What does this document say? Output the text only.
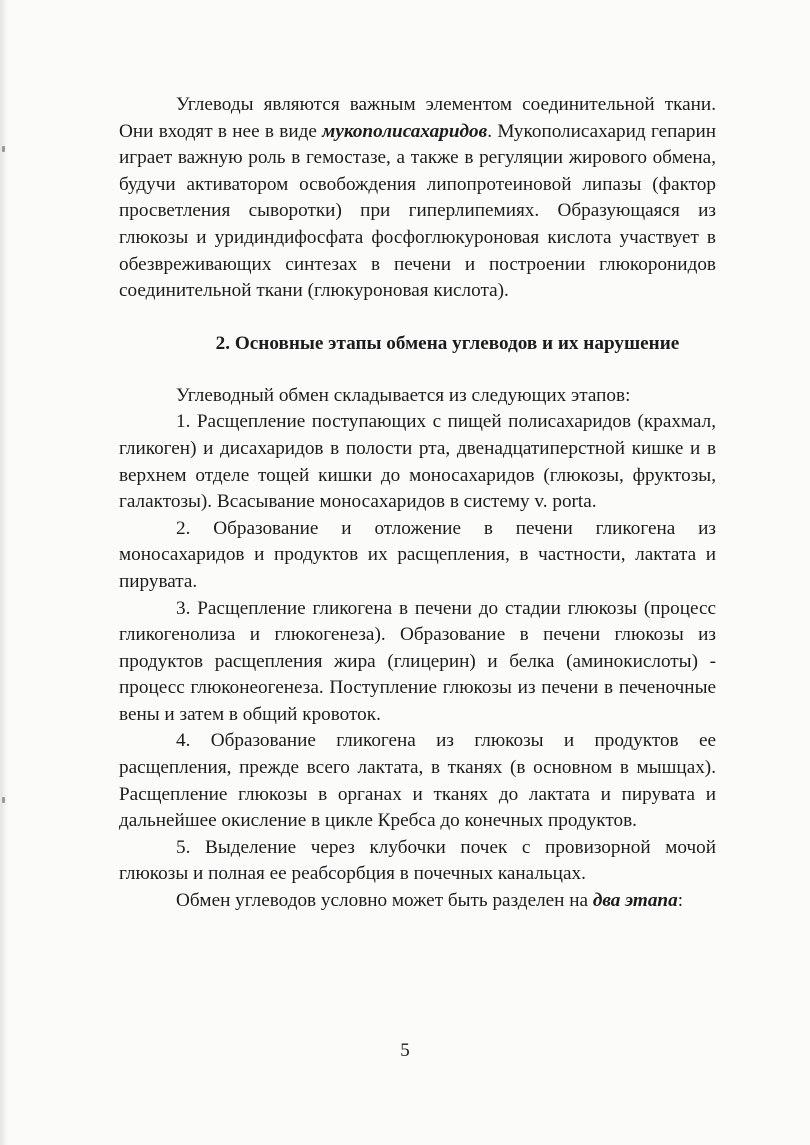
Углеводы являются важным элементом соединительной ткани. Они входят в нее в виде мукополисахаридов. Мукополисахарид гепарин играет важную роль в гемостазе, а также в регуляции жирового обмена, будучи активатором освобождения липопротеиновой липазы (фактор просветления сыворотки) при гиперлипемиях. Образующаяся из глюкозы и уридиндифосфата фосфоглюкуроновая кислота участвует в обезвреживающих синтезах в печени и построении глюкоронидов соединительной ткани (глюкуроновая кислота).

2. Основные этапы обмена углеводов и их нарушение

Углеводный обмен складывается из следующих этапов:

1. Расщепление поступающих с пищей полисахаридов (крахмал, гликоген) и дисахаридов в полости рта, двенадцатиперстной кишке и в верхнем отделе тощей кишки до моносахаридов (глюкозы, фруктозы, галактозы). Всасывание моносахаридов в систему v. porta.

2. Образование и отложение в печени гликогена из моносахаридов и продуктов их расщепления, в частности, лактата и пирувата.

3. Расщепление гликогена в печени до стадии глюкозы (процесс гликогенолиза и глюкогенеза). Образование в печени глюкозы из продуктов расщепления жира (глицерин) и белка (аминокислоты) - процесс глюконеогенеза. Поступление глюкозы из печени в печеночные вены и затем в общий кровоток.

4. Образование гликогена из глюкозы и продуктов ее расщепления, прежде всего лактата, в тканях (в основном в мышцах). Расщепление глюкозы в органах и тканях до лактата и пирувата и дальнейшее окисление в цикле Кребса до конечных продуктов.

5. Выделение через клубочки почек с провизорной мочой глюкозы и полная ее реабсорбция в почечных канальцах.

Обмен углеводов условно может быть разделен на два этапа:

5
